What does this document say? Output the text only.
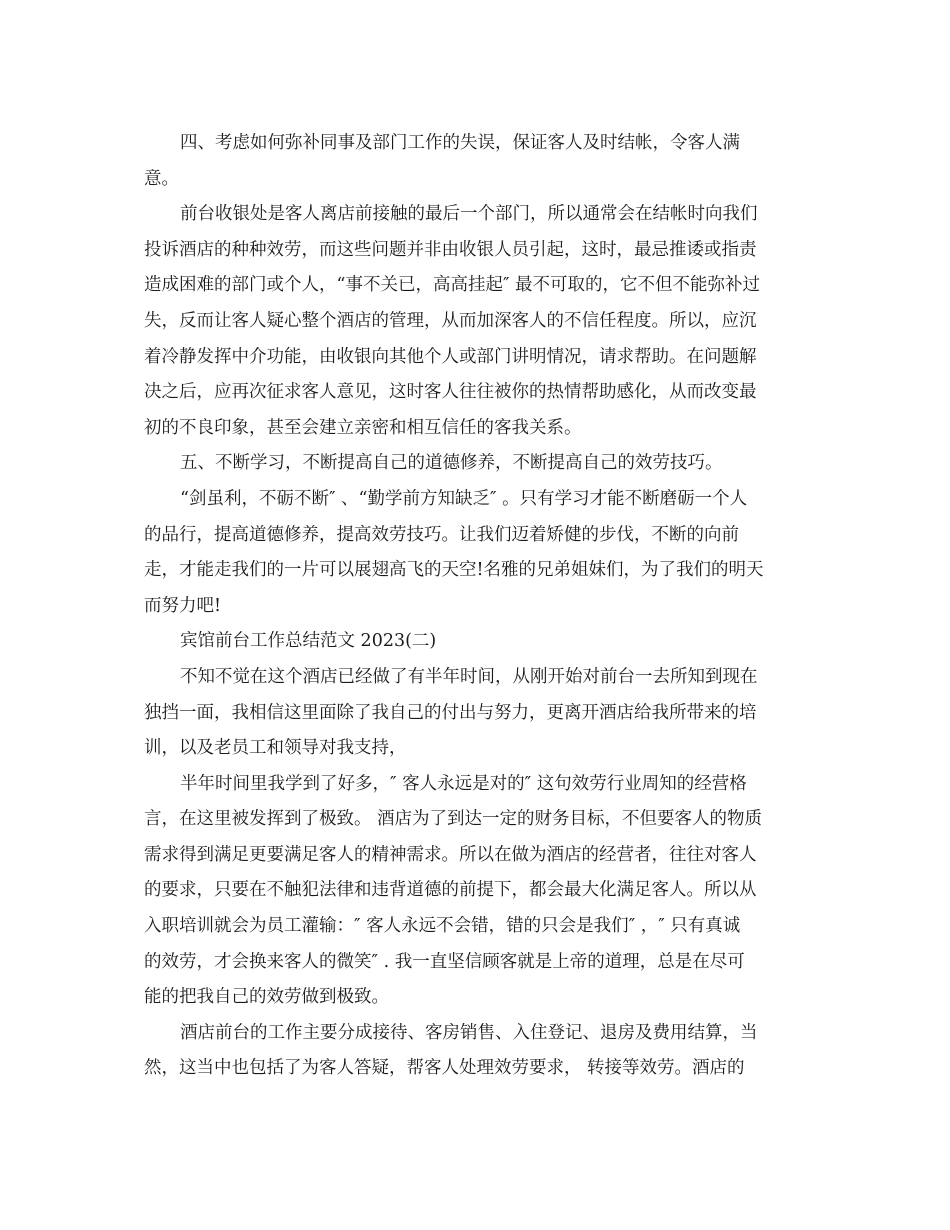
四、考虑如何弥补同事及部门工作的失误，保证客人及时结帐，令客人满
意。
前台收银处是客人离店前接触的最后一个部门，所以通常会在结帐时向我们
投诉酒店的种种效劳，而这些问题并非由收银人员引起，这时，最忌推诿或指责
造成困难的部门或个人，“事不关已，高高挂起″ 最不可取的，它不但不能弥补过
失，反而让客人疑心整个酒店的管理，从而加深客人的不信任程度。所以，应沉
着冷静发挥中介功能，由收银向其他个人或部门讲明情况，请求帮助。在问题解
决之后，应再次征求客人意见，这时客人往往被你的热情帮助感化，从而改变最
初的不良印象，甚至会建立亲密和相互信任的客我关系。
五、不断学习，不断提高自己的道德修养，不断提高自己的效劳技巧。
“剑虽利，不砺不断″ 、“勤学前方知缺乏″ 。只有学习才能不断磨砺一个人
的品行，提高道德修养，提高效劳技巧。让我们迈着矫健的步伐，不断的向前
走，才能走我们的一片可以展翅高飞的天空!名雅的兄弟姐妹们，为了我们的明天
而努力吧!
宾馆前台工作总结范文 2023(二)
不知不觉在这个酒店已经做了有半年时间，从刚开始对前台一去所知到现在
独挡一面，我相信这里面除了我自己的付出与努力，更离开酒店给我所带来的培
训，以及老员工和领导对我支持，
半年时间里我学到了好多，″ 客人永远是对的″ 这句效劳行业周知的经营格
言，在这里被发挥到了极致。 酒店为了到达一定的财务目标，不但要客人的物质
需求得到满足更要满足客人的精神需求。所以在做为酒店的经营者，往往对客人
的要求，只要在不触犯法律和违背道德的前提下，都会最大化满足客人。所以从
入职培训就会为员工灌输：″ 客人永远不会错，错的只会是我们″ ，″ 只有真诚
的效劳，才会换来客人的微笑″ . 我一直坚信顾客就是上帝的道理，总是在尽可
能的把我自己的效劳做到极致。
酒店前台的工作主要分成接待、客房销售、入住登记、退房及费用结算，当
然，这当中也包括了为客人答疑，帮客人处理效劳要求， 转接等效劳。酒店的
